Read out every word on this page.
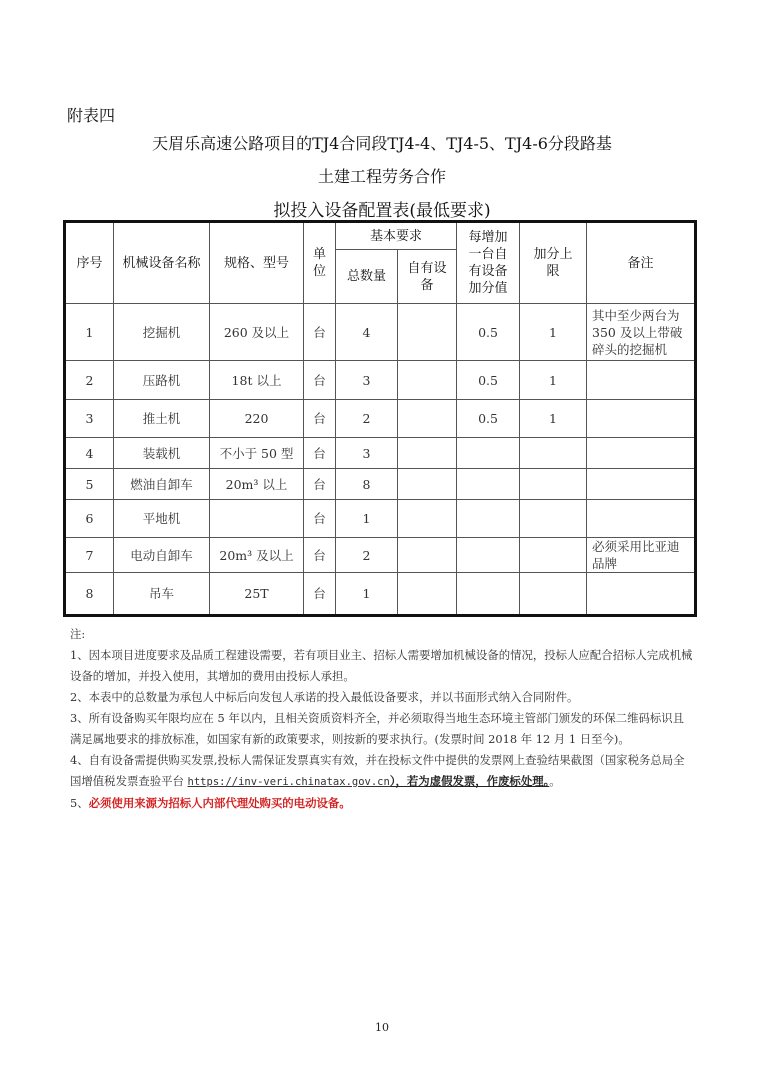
附表四
天眉乐高速公路项目的TJ4合同段TJ4-4、TJ4-5、TJ4-6分段路基
土建工程劳务合作
拟投入设备配置表(最低要求)
序号	机械设备名称	规格、型号	单位	基本要求		每增加一台自有设备加分值	加分上限	备注
				总数量	自有设备			
1	挖掘机	260 及以上	台	4		0.5	1	其中至少两台为350 及以上带破碎头的挖掘机
2	压路机	18t 以上	台	3		0.5	1	
3	推土机	220	台	2		0.5	1	
4	装载机	不小于 50 型	台	3				
5	燃油自卸车	20m³ 以上	台	8				
6	平地机		台	1				
7	电动自卸车	20m³ 及以上	台	2				必须采用比亚迪品牌
8	吊车	25T	台	1				

注:

1、因本项目进度要求及品质工程建设需要，若有项目业主、招标人需要增加机械设备的情况，投标人应配合招标人完成机械设备的增加，并投入使用，其增加的费用由投标人承担。

2、本表中的总数量为承包人中标后向发包人承诺的投入最低设备要求，并以书面形式纳入合同附件。

3、所有设备购买年限均应在 5 年以内，且相关资质资料齐全，并必须取得当地生态环境主管部门颁发的环保二维码标识且满足属地要求的排放标准，如国家有新的政策要求，则按新的要求执行。(发票时间 2018 年 12 月 1 日至今)。

4、自有设备需提供购买发票,投标人需保证发票真实有效，并在投标文件中提供的发票网上查验结果截图（国家税务总局全国增值税发票查验平台 https://inv-veri.chinatax.gov.cn），若为虚假发票，作废标处理。。

5、必须使用来源为招标人内部代理处购买的电动设备。

10
